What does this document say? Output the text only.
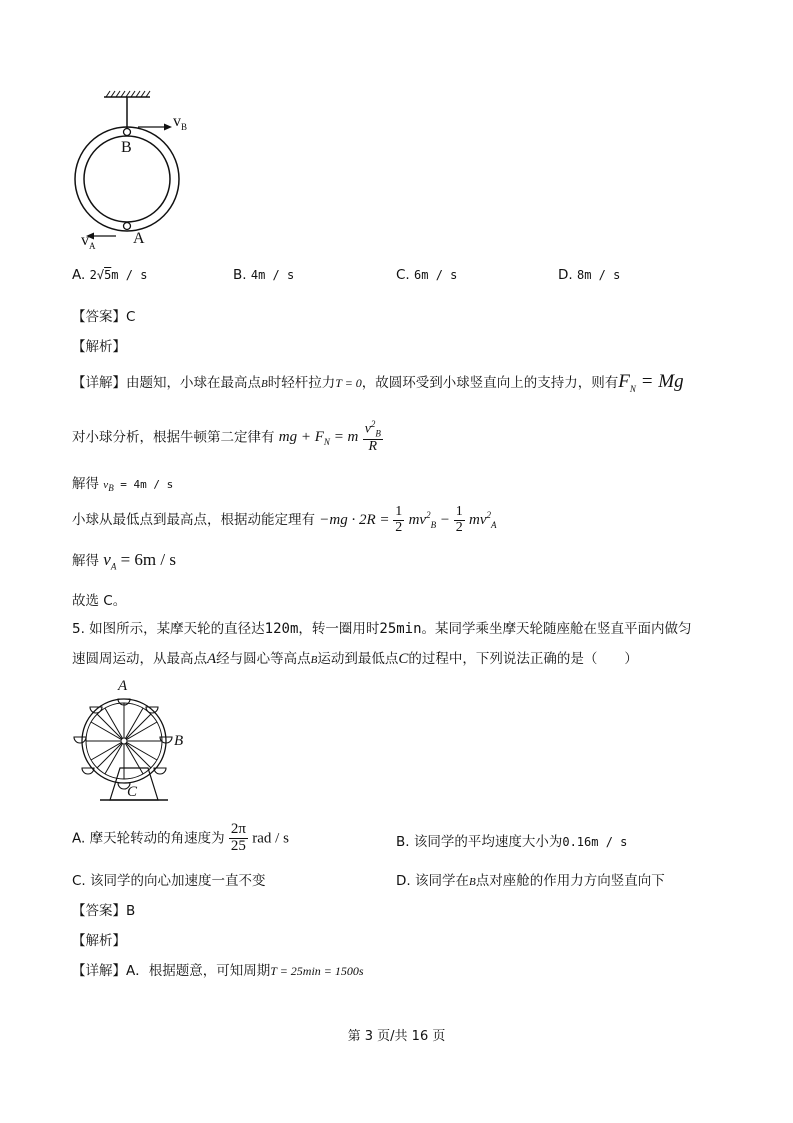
$v_B$
B
$v_A$ A
A. 2√5m / s	B. 4m / s	C. 6m / s	D. 8m / s
【答案】C
【解析】
【详解】由题知，小球在最高点B时轻杆拉力T = 0，故圆环受到小球竖直向上的支持力，则有$F_N = Mg$
对小球分析，根据牛顿第二定律有 mg + $F_N = m \frac{v^2_B}{R}$
解得 $v_B = 4m / s$
小球从最低点到最高点，根据动能定理有 $-mg \cdot 2R = \frac{1}{2} mv^2_B - \frac{1}{2} mv^2_A$
解得 $v_A = 6m / s$
故选 C。
5. 如图所示，某摩天轮的直径达120m，转一圈用时25min。某同学乘坐摩天轮随座舱在竖直平面内做匀
速圆周运动，从最高点A经与圆心等高点B运动到最低点C的过程中，下列说法正确的是（　　）
A
B
C
A. 摩天轮转动的角速度为 $\frac{2\pi}{25}$ rad / s	B. 该同学的平均速度大小为0.16m / s
C. 该同学的向心加速度一直不变	D. 该同学在B点对座舱的作用力方向竖直向下
【答案】B
【解析】
【详解】A．根据题意，可知周期T = 25min = 1500s
第 3 页/共 16 页
